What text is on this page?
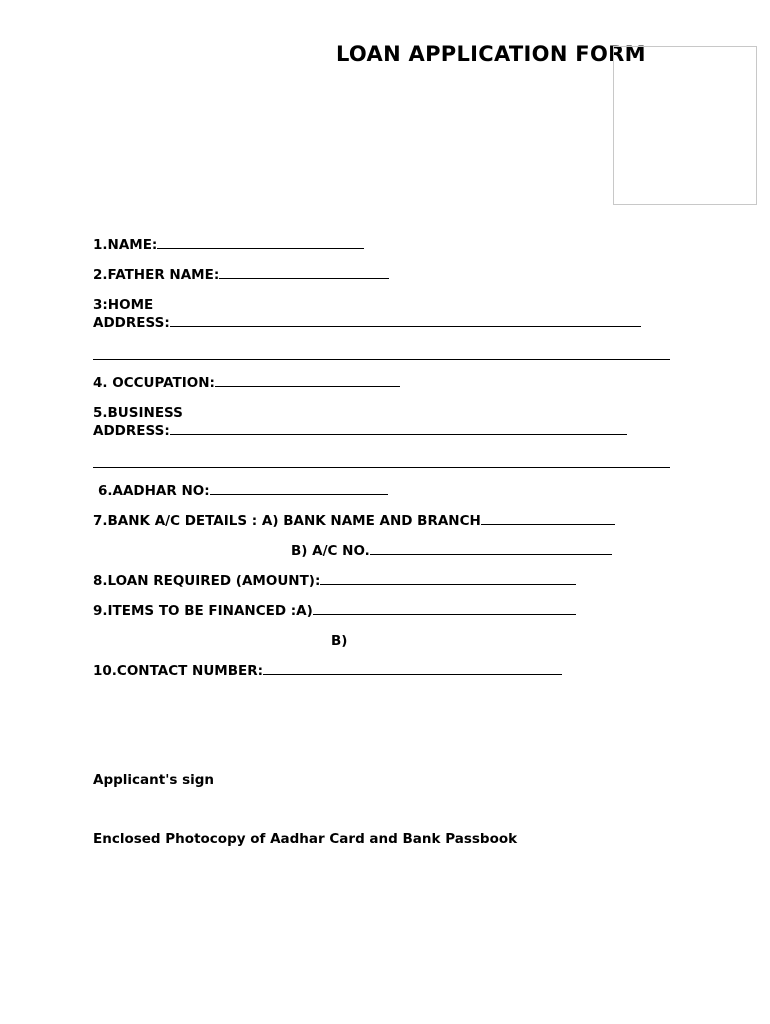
LOAN APPLICATION FORM
1.NAME:
2.FATHER NAME:
3:HOME
ADDRESS:
4. OCCUPATION:
5.BUSINESS
ADDRESS:
6.AADHAR NO:
7.BANK A/C DETAILS : A) BANK NAME AND BRANCH
B) A/C NO.
8.LOAN REQUIRED (AMOUNT):
9.ITEMS TO BE FINANCED :A)
B)
10.CONTACT NUMBER:
Applicant's sign
Enclosed Photocopy of Aadhar Card and Bank Passbook
